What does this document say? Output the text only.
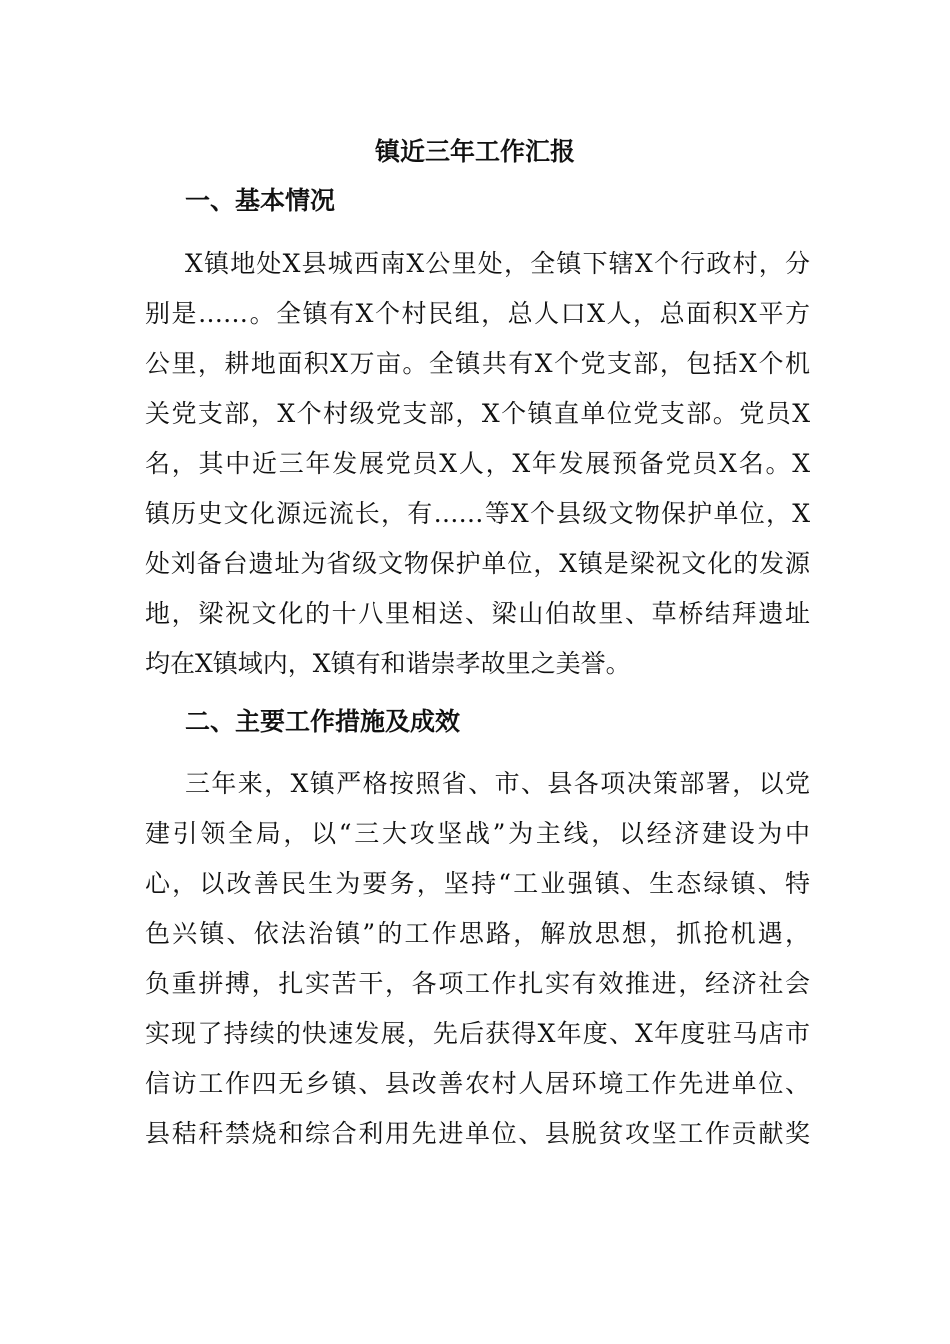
镇近三年工作汇报
一、基本情况
X镇地处X县城西南X公里处，全镇下辖X个行政村，分
别是……。全镇有X个村民组，总人口X人，总面积X平方
公里，耕地面积X万亩。全镇共有X个党支部，包括X个机
关党支部，X个村级党支部，X个镇直单位党支部。党员X
名，其中近三年发展党员X人，X年发展预备党员X名。X
镇历史文化源远流长，有……等X个县级文物保护单位，X
处刘备台遗址为省级文物保护单位，X镇是梁祝文化的发源
地，梁祝文化的十八里相送、梁山伯故里、草桥结拜遗址
均在X镇域内，X镇有和谐崇孝故里之美誉。
二、主要工作措施及成效
三年来，X镇严格按照省、市、县各项决策部署，以党
建引领全局，以“三大攻坚战”为主线，以经济建设为中
心，以改善民生为要务，坚持“工业强镇、生态绿镇、特
色兴镇、依法治镇”的工作思路，解放思想，抓抢机遇，
负重拼搏，扎实苦干，各项工作扎实有效推进，经济社会
实现了持续的快速发展，先后获得X年度、X年度驻马店市
信访工作四无乡镇、县改善农村人居环境工作先进单位、
县秸秆禁烧和综合利用先进单位、县脱贫攻坚工作贡献奖
